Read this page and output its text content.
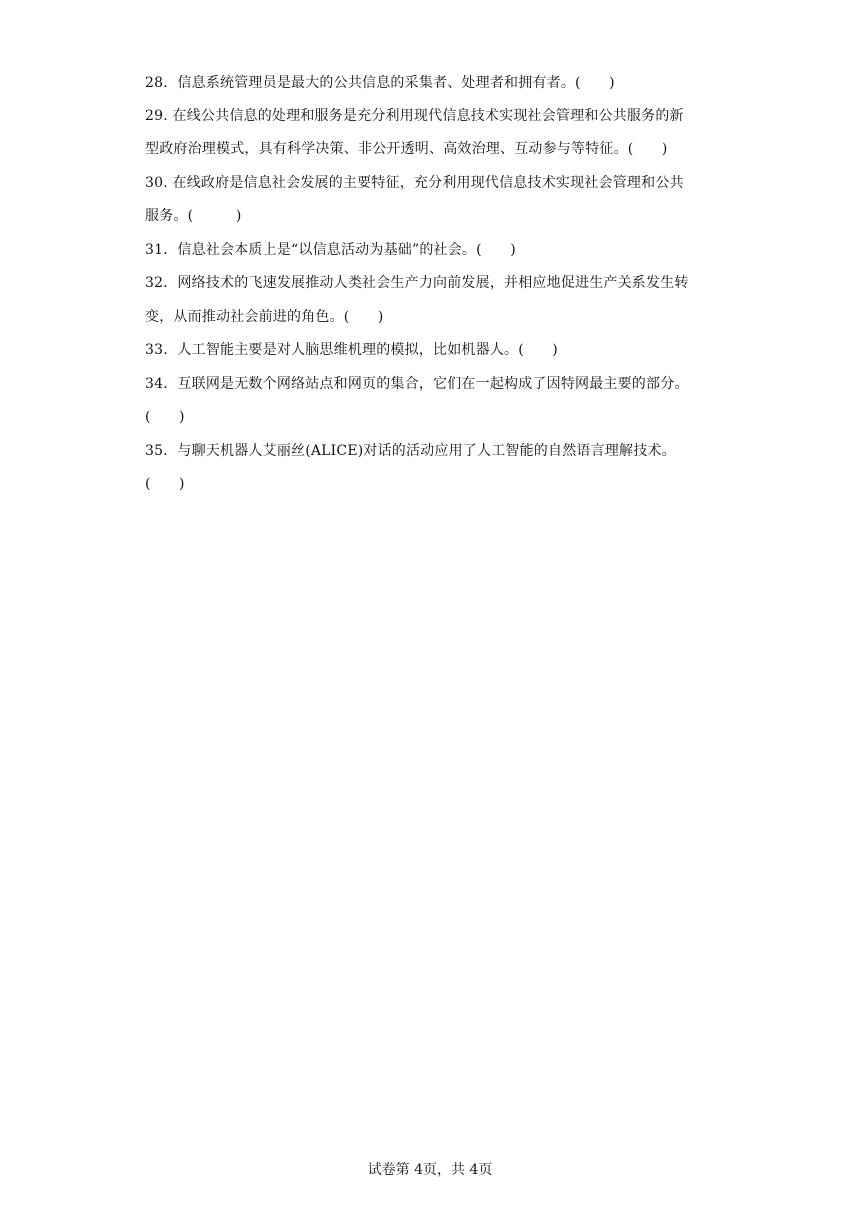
28．信息系统管理员是最大的公共信息的采集者、处理者和拥有者。(　　)
29. 在线公共信息的处理和服务是充分利用现代信息技术实现社会管理和公共服务的新
型政府治理模式，具有科学决策、非公开透明、高效治理、互动参与等特征。(　　)
30. 在线政府是信息社会发展的主要特征，充分利用现代信息技术实现社会管理和公共
服务。(　　　)
31．信息社会本质上是“以信息活动为基础”的社会。(　　)
32．网络技术的飞速发展推动人类社会生产力向前发展，并相应地促进生产关系发生转
变，从而推动社会前进的角色。(　　)
33．人工智能主要是对人脑思维机理的模拟，比如机器人。(　　)
34．互联网是无数个网络站点和网页的集合，它们在一起构成了因特网最主要的部分。
(　　)
35．与聊天机器人艾丽丝(ALICE)对话的活动应用了人工智能的自然语言理解技术。
(　　)
试卷第 4页，共 4页
